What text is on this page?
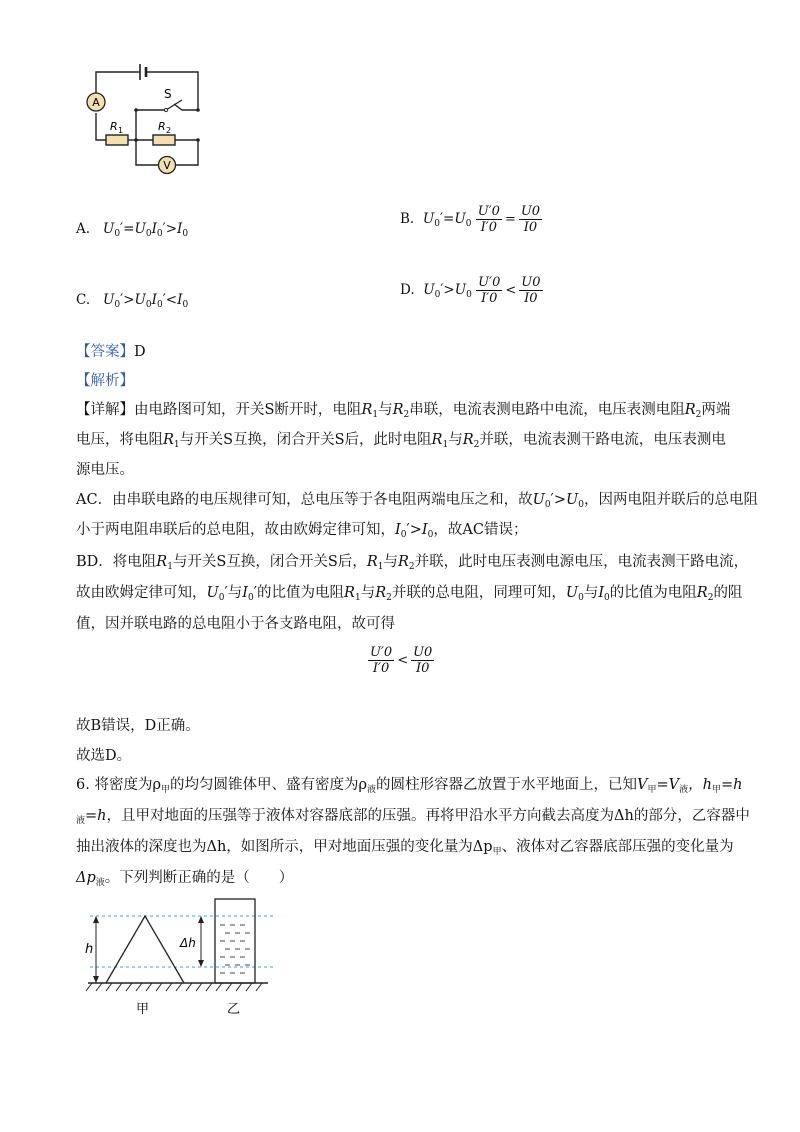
A
V
S
R 1	R 2
A. $U_0'=U_0I_0'>I_0$
B. $U_0'=U_0 \frac{U'0}{I'0} = \frac{U0}{I0}$
C. $U_0'>U_0I_0'<I_0$
D. $U_0'>U_0 \frac{U'0}{I'0} < \frac{U0}{I0}$
【答案】D
【解析】
【详解】由电路图可知，开关S断开时，电阻$R_1$与$R_2$串联，电流表测电路中电流，电压表测电阻$R_2$两端
电压，将电阻$R_1$与开关S互换，闭合开关S后，此时电阻$R_1$与$R_2$并联，电流表测干路电流，电压表测电
源电压。
AC．由串联电路的电压规律可知，总电压等于各电阻两端电压之和，故$U_0'>U_0$，因两电阻并联后的总电阻
小于两电阻串联后的总电阻，故由欧姆定律可知，$I_0'>I_0$，故AC错误；
BD．将电阻$R_1$与开关S互换，闭合开关S后，$R_1$与$R_2$并联，此时电压表测电源电压，电流表测干路电流，
故由欧姆定律可知，$U_0'$与$I_0'$的比值为电阻$R_1$与$R_2$并联的总电阻，同理可知，$U_0$与$I_0$的比值为电阻$R_2$的阻
值，因并联电路的总电阻小于各支路电阻，故可得
$\frac{U'0}{I'0} < \frac{U0}{I0}$
故B错误，D正确。
故选D。
6. 将密度为$\rho_甲$的均匀圆锥体甲、盛有密度为$\rho_液$的圆柱形容器乙放置于水平地面上，已知$V_甲=V_液$，$h_甲=h$
$_液$=h，且甲对地面的压强等于液体对容器底部的压强。再将甲沿水平方向截去高度为Δh的部分，乙容器中
抽出液体的深度也为Δh，如图所示，甲对地面压强的变化量为$\Delta p_甲$、液体对乙容器底部压强的变化量为
$\Delta p_液$。下列判断正确的是（　　）
h	Δh
甲	乙
